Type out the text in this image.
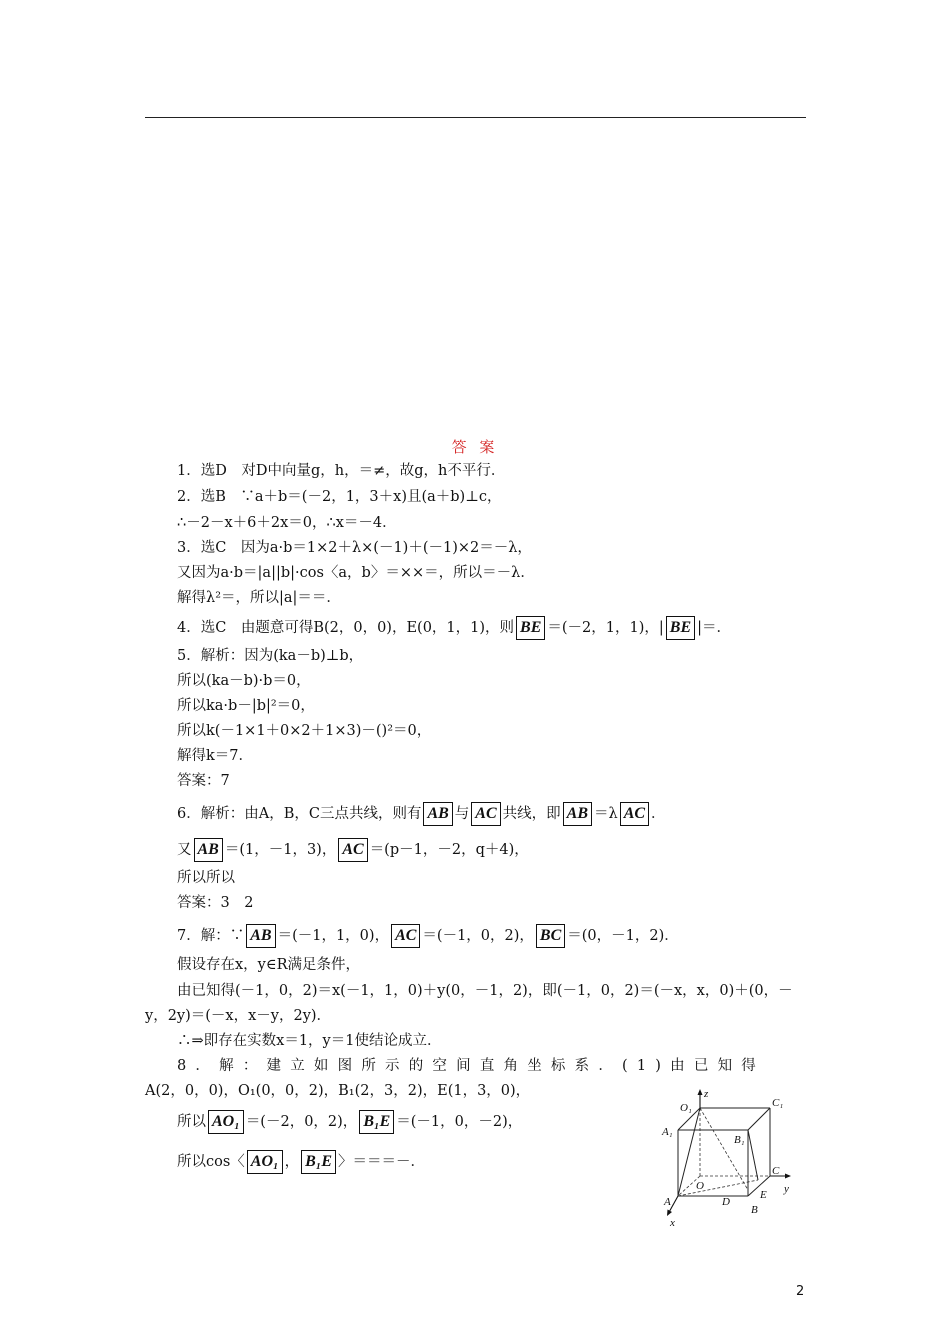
答 案
1．选D　对D中向量g，h，＝≠，故g，h不平行．
2．选B　∵a＋b＝(－2，1，3＋x)且(a＋b)⊥c，
∴－2－x＋6＋2x＝0，∴x＝－4．
3．选C　因为a·b＝1×2＋λ×(－1)＋(－1)×2＝－λ，
又因为a·b＝|a||b|·cos〈a，b〉＝××＝，所以＝－λ．
解得λ²＝，所以|a|＝＝．
4．选C　由题意可得B(2，0，0)，E(0，1，1)，则 BE ＝(－2，1，1)，| BE |＝．
5．解析：因为(ka－b)⊥b，
所以(ka－b)·b＝0，
所以ka·b－|b|²＝0，
所以k(－1×1＋0×2＋1×3)－()²＝0，
解得k＝7．
答案：7
6．解析：由A，B，C三点共线，则有 AB 与 AC 共线，即 AB ＝λ AC ．
又 AB ＝(1，－1，3)， AC ＝(p－1，－2，q＋4)，
所以所以
答案：3　2
7．解：∵ AB ＝(－1，1，0)， AC ＝(－1，0，2)， BC ＝(0，－1，2)．
假设存在x，y∈R满足条件，
由已知得(－1，0，2)＝x(－1，1，0)＋y(0，－1，2)，即(－1，0，2)＝(－x，x，0)＋(0，－
y，2y)＝(－x，x－y，2y)．
∴⇒即存在实数x＝1，y＝1使结论成立．
8．解：建立如图所示的空间直角坐标系．(1)由已知得
A(2，0，0)，O₁(0，0，2)，B₁(2，3，2)，E(1，3，0)，
所以 AO₁ ＝(－2，0，2)， B₁E ＝(－1，0，－2)，
所以cos〈 AO₁ ， B₁E 〉＝＝＝－．
O₁
z
C₁
A₁
B₁
C
O	y
D
E
A
B
x
2
